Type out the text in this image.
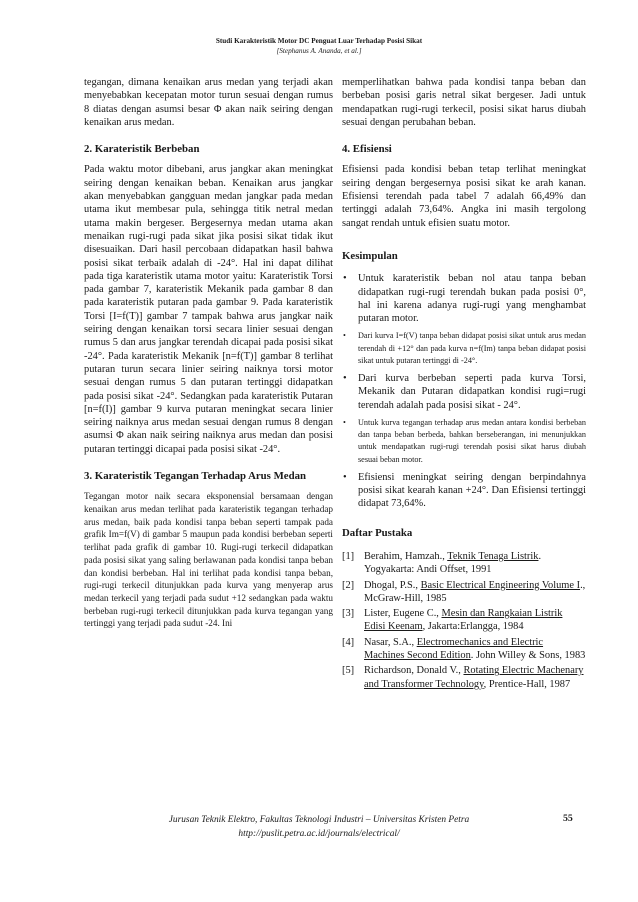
Studi Karakteristik Motor DC Penguat Luar Terhadap Posisi Sikat
[Stephanus A. Ananda, et al.]

tegangan, dimana kenaikan arus medan yang terjadi akan menyebabkan kecepatan motor turun sesuai dengan rumus 8 diatas dengan asumsi besar Φ akan naik seiring dengan kenaikan arus medan.

2. Karateristik Berbeban

Pada waktu motor dibebani, arus jangkar akan meningkat seiring dengan kenaikan beban. Kenaikan arus jangkar akan menyebabkan gangguan medan jangkar pada medan utama ikut membesar pula, sehingga titik netral medan utama makin bergeser. Bergesernya medan utama akan menaikan rugi-rugi pada sikat jika posisi sikat tidak ikut disesuaikan. Dari hasil percobaan didapatkan hasil bahwa posisi sikat terbaik adalah di -24°. Hal ini dapat dilihat pada tiga karateristik utama motor yaitu: Karateristik Torsi pada gambar 7, karateristik Mekanik pada gambar 8 dan pada karateristik putaran pada gambar 9. Pada karateristik Torsi [I=f(T)] gambar 7 tampak bahwa arus jangkar naik seiring dengan kenaikan torsi secara linier sesuai dengan rumus 5 dan arus jangkar terendah dicapai pada posisi sikat -24°. Pada karateristik Mekanik [n=f(T)] gambar 8 terlihat putaran turun secara linier seiring naiknya torsi motor sesuai dengan rumus 5 dan putaran tertinggi didapatkan pada posisi sikat -24°. Sedangkan pada karateristik Putaran [n=f(I)] gambar 9 kurva putaran meningkat secara linier seiring naiknya arus medan sesuai dengan rumus 8 dengan asumsi Φ akan naik seiring naiknya arus medan dan posisi putaran tertinggi dicapai pada posisi sikat -24°.

3. Karateristik Tegangan Terhadap Arus Medan

Tegangan motor naik secara eksponensial bersamaan dengan kenaikan arus medan terlihat pada karateristik tegangan terhadap arus medan, baik pada kondisi tanpa beban seperti tampak pada grafik Im=f(V) di gambar 5 maupun pada kondisi berbeban seperti terlihat pada grafik di gambar 10. Rugi-rugi terkecil didapatkan pada posisi sikat yang saling berlawanan pada kondisi tanpa beban dan kondisi berbeban. Hal ini terlihat pada kondisi tanpa beban, rugi-rugi terkecil ditunjukkan pada kurva yang menyerap arus medan terkecil yang terjadi pada sudut +12 sedangkan pada waktu berbeban rugi-rugi terkecil ditunjukkan pada kurva tegangan yang tertinggi yang terjadi pada sudut -24. Ini

memperlihatkan bahwa pada kondisi tanpa beban dan berbeban posisi garis netral sikat bergeser. Jadi untuk mendapatkan rugi-rugi terkecil, posisi sikat harus diubah sesuai dengan perubahan beban.

4. Efisiensi

Efisiensi pada kondisi beban tetap terlihat meningkat seiring dengan bergesernya posisi sikat ke arah kanan. Efisiensi terendah pada tabel 7 adalah 66,49% dan tertinggi adalah 73,64%. Angka ini masih tergolong sangat rendah untuk efisien suatu motor.

Kesimpulan
• Untuk karateristik beban nol atau tanpa beban didapatkan rugi-rugi terendah bukan pada posisi 0°, hal ini karena adanya rugi-rugi yang menghambat putaran motor.
• Dari kurva I=f(V) tanpa beban didapat posisi sikat untuk arus medan terendah di +12° dan pada kurva n=f(Im) tanpa beban didapat posisi sikat untuk putaran tertinggi di -24°.
• Dari kurva berbeban seperti pada kurva Torsi, Mekanik dan Putaran didapatkan kondisi rugi=rugi terendah adalah pada posisi sikat - 24°.
• Untuk kurva tegangan terhadap arus medan antara kondisi berbeban dan tanpa beban berbeda, bahkan berseberangan, ini menunjukkan untuk mendapatkan rugi-rugi terendah posisi sikat harus diubah sesuai beban motor.
• Efisiensi meningkat seiring dengan berpindahnya posisi sikat kearah kanan +24°. Dan Efisiensi tertinggi didapat 73,64%.
Daftar Pustaka
[1] Berahim, Hamzah., Teknik Tenaga Listrik. Yogyakarta: Andi Offset, 1991
[2] Dhogal, P.S., Basic Electrical Engineering Volume I., McGraw-Hill, 1985
[3] Lister, Eugene C., Mesin dan Rangkaian Listrik Edisi Keenam, Jakarta:Erlangga, 1984
[4] Nasar, S.A., Electromechanics and Electric Machines Second Edition. John Willey & Sons, 1983
[5] Richardson, Donald V., Rotating Electric Machenary and Transformer Technology, Prentice-Hall, 1987
Jurusan Teknik Elektro, Fakultas Teknologi Industri – Universitas Kristen Petra
http://puslit.petra.ac.id/journals/electrical/
55
